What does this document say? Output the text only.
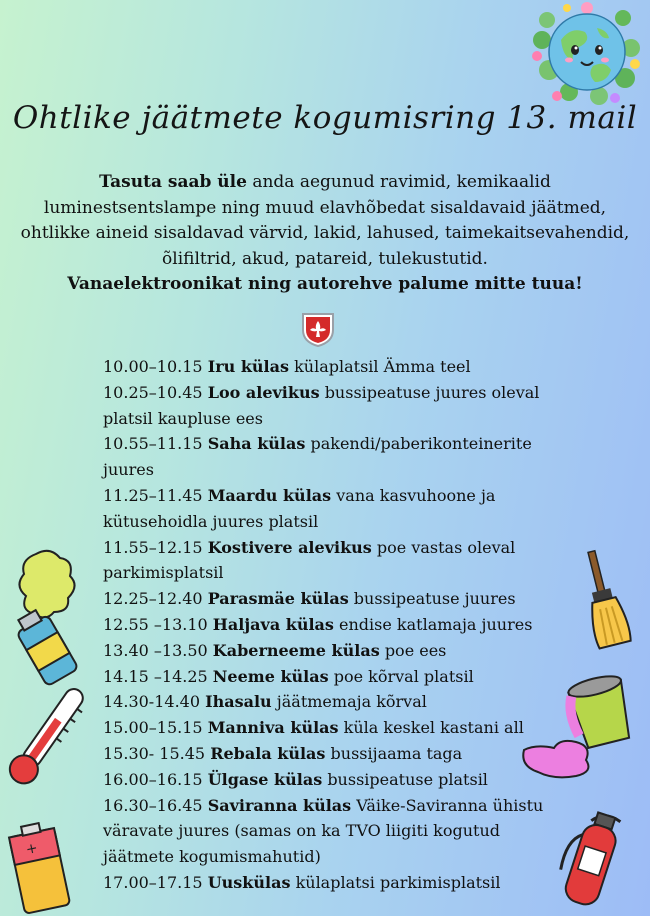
Ohtlike jäätmete kogumisring 13. mail
Tasuta saab üle anda aegunud ravimid, kemikaalid luminestsentslampe ning muud elavhõbedat sisaldavaid jäätmed, ohtlikke aineid sisaldavad värvid, lakid, lahused, taimekaitsevahendid, õlifiltrid, akud, patareid, tulekustutid.
Vanaelektroonikat ning autorehve palume mitte tuua!

10.00–10.15 Iru külas külaplatsil Ämma teel

10.25–10.45 Loo alevikus bussipeatuse juures oleval platsil kaupluse ees

10.55–11.15 Saha külas pakendi/paberikonteinerite juures

11.25–11.45 Maardu külas vana kasvuhoone ja kütusehoidla juures platsil

11.55–12.15 Kostivere alevikus poe vastas oleval parkimisplatsil

12.25–12.40 Parasmäe külas bussipeatuse juures

12.55 –13.10 Haljava külas endise katlamaja juures

13.40 –13.50 Kaberneeme külas poe ees

14.15 –14.25 Neeme külas poe kõrval platsil

14.30-14.40 Ihasalu jäätmemaja kõrval

15.00–15.15 Manniva külas küla keskel kastani all

15.30- 15.45 Rebala külas bussijaama taga

16.00–16.15 Ülgase külas bussipeatuse platsil

16.30–16.45 Saviranna külas Väike-Saviranna ühistu väravate juures (samas on ka TVO liigiti kogutud jäätmete kogumismahutid)

17.00–17.15 Uuskülas külaplatsi parkimisplatsil

+
